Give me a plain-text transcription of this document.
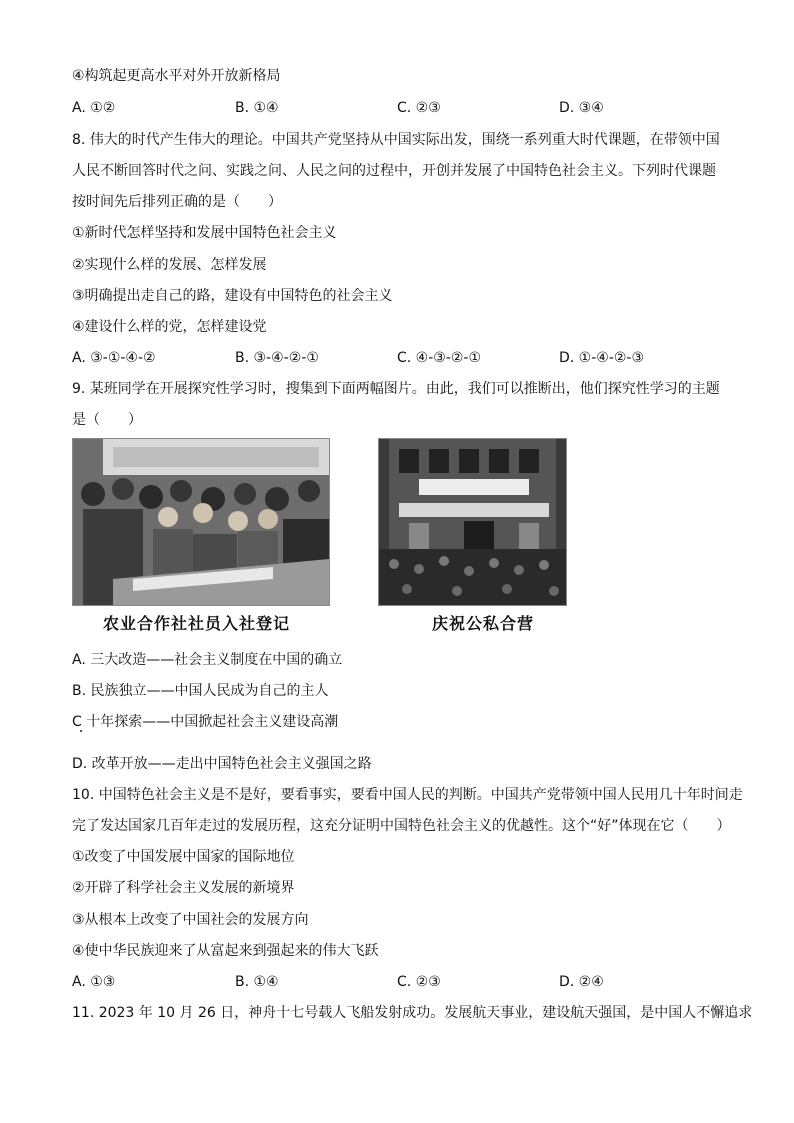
④构筑起更高水平对外开放新格局
A. ①②	B. ①④	C. ②③	D. ③④
8. 伟大的时代产生伟大的理论。中国共产党坚持从中国实际出发，围绕一系列重大时代课题，在带领中国
人民不断回答时代之问、实践之问、人民之问的过程中，开创并发展了中国特色社会主义。下列时代课题
按时间先后排列正确的是（　　）
①新时代怎样坚持和发展中国特色社会主义
②实现什么样的发展、怎样发展
③明确提出走自己的路，建设有中国特色的社会主义
④建设什么样的党，怎样建设党
A. ③-①-④-②	B. ③-④-②-①	C. ④-③-②-①	D. ①-④-②-③
9. 某班同学在开展探究性学习时，搜集到下面两幅图片。由此，我们可以推断出，他们探究性学习的主题
是（　　）
农业合作社社员入社登记	庆祝公私合营
A. 三大改造——社会主义制度在中国的确立
B. 民族独立——中国人民成为自己的主人
C 十年探索——中国掀起社会主义建设高潮
D. 改革开放——走出中国特色社会主义强国之路
10. 中国特色社会主义是不是好，要看事实，要看中国人民的判断。中国共产党带领中国人民用几十年时间走
完了发达国家几百年走过的发展历程，这充分证明中国特色社会主义的优越性。这个“好”体现在它（　　）
①改变了中国发展中国家的国际地位
②开辟了科学社会主义发展的新境界
③从根本上改变了中国社会的发展方向
④使中华民族迎来了从富起来到强起来的伟大飞跃
A. ①③	B. ①④	C. ②③	D. ②④
11. 2023 年 10 月 26 日，神舟十七号载人飞船发射成功。发展航天事业，建设航天强国，是中国人不懈追求
